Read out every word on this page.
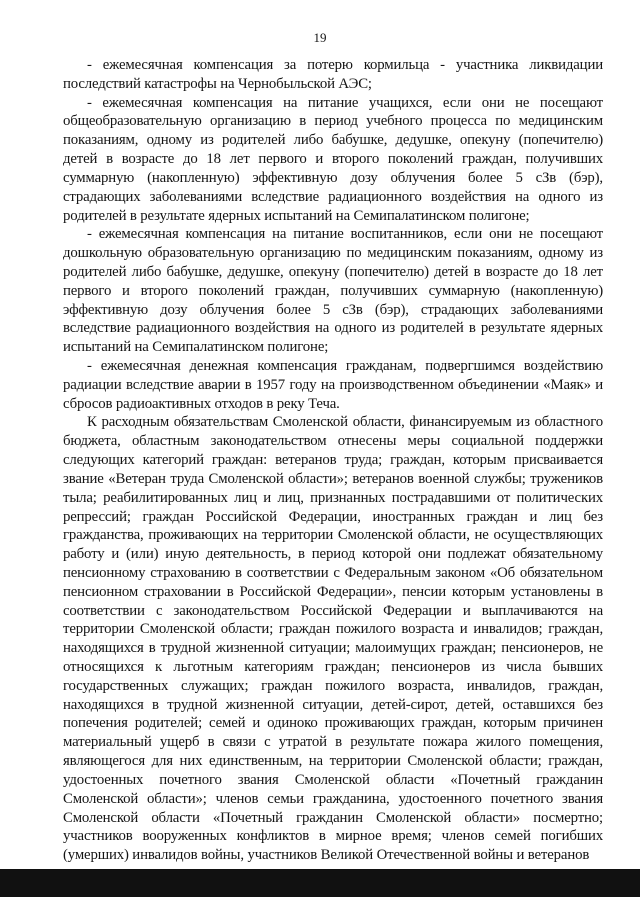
19

- ежемесячная компенсация за потерю кормильца - участника ликвидации последствий катастрофы на Чернобыльской АЭС;

- ежемесячная компенсация на питание учащихся, если они не посещают общеобразовательную организацию в период учебного процесса по медицинским показаниям, одному из родителей либо бабушке, дедушке, опекуну (попечителю) детей в возрасте до 18 лет первого и второго поколений граждан, получивших суммарную (накопленную) эффективную дозу облучения более 5 сЗв (бэр), страдающих заболеваниями вследствие радиационного воздействия на одного из родителей в результате ядерных испытаний на Семипалатинском полигоне;

- ежемесячная компенсация на питание воспитанников, если они не посещают дошкольную образовательную организацию по медицинским показаниям, одному из родителей либо бабушке, дедушке, опекуну (попечителю) детей в возрасте до 18 лет первого и второго поколений граждан, получивших суммарную (накопленную) эффективную дозу облучения более 5 сЗв (бэр), страдающих заболеваниями вследствие радиационного воздействия на одного из родителей в результате ядерных испытаний на Семипалатинском полигоне;

- ежемесячная денежная компенсация гражданам, подвергшимся воздействию радиации вследствие аварии в 1957 году на производственном объединении «Маяк» и сбросов радиоактивных отходов в реку Теча.

К расходным обязательствам Смоленской области, финансируемым из областного бюджета, областным законодательством отнесены меры социальной поддержки следующих категорий граждан: ветеранов труда; граждан, которым присваивается звание «Ветеран труда Смоленской области»; ветеранов военной службы; тружеников тыла; реабилитированных лиц и лиц, признанных пострадавшими от политических репрессий; граждан Российской Федерации, иностранных граждан и лиц без гражданства, проживающих на территории Смоленской области, не осуществляющих работу и (или) иную деятельность, в период которой они подлежат обязательному пенсионному страхованию в соответствии с Федеральным законом «Об обязательном пенсионном страховании в Российской Федерации», пенсии которым установлены в соответствии с законодательством Российской Федерации и выплачиваются на территории Смоленской области; граждан пожилого возраста и инвалидов; граждан, находящихся в трудной жизненной ситуации; малоимущих граждан; пенсионеров, не относящихся к льготным категориям граждан; пенсионеров из числа бывших государственных служащих; граждан пожилого возраста, инвалидов, граждан, находящихся в трудной жизненной ситуации, детей-сирот, детей, оставшихся без попечения родителей; семей и одиноко проживающих граждан, которым причинен материальный ущерб в связи с утратой в результате пожара жилого помещения, являющегося для них единственным, на территории Смоленской области; граждан, удостоенных почетного звания Смоленской области «Почетный гражданин Смоленской области»; членов семьи гражданина, удостоенного почетного звания Смоленской области «Почетный гражданин Смоленской области» посмертно; участников вооруженных конфликтов в мирное время; членов семей погибших (умерших) инвалидов войны, участников Великой Отечественной войны и ветеранов
